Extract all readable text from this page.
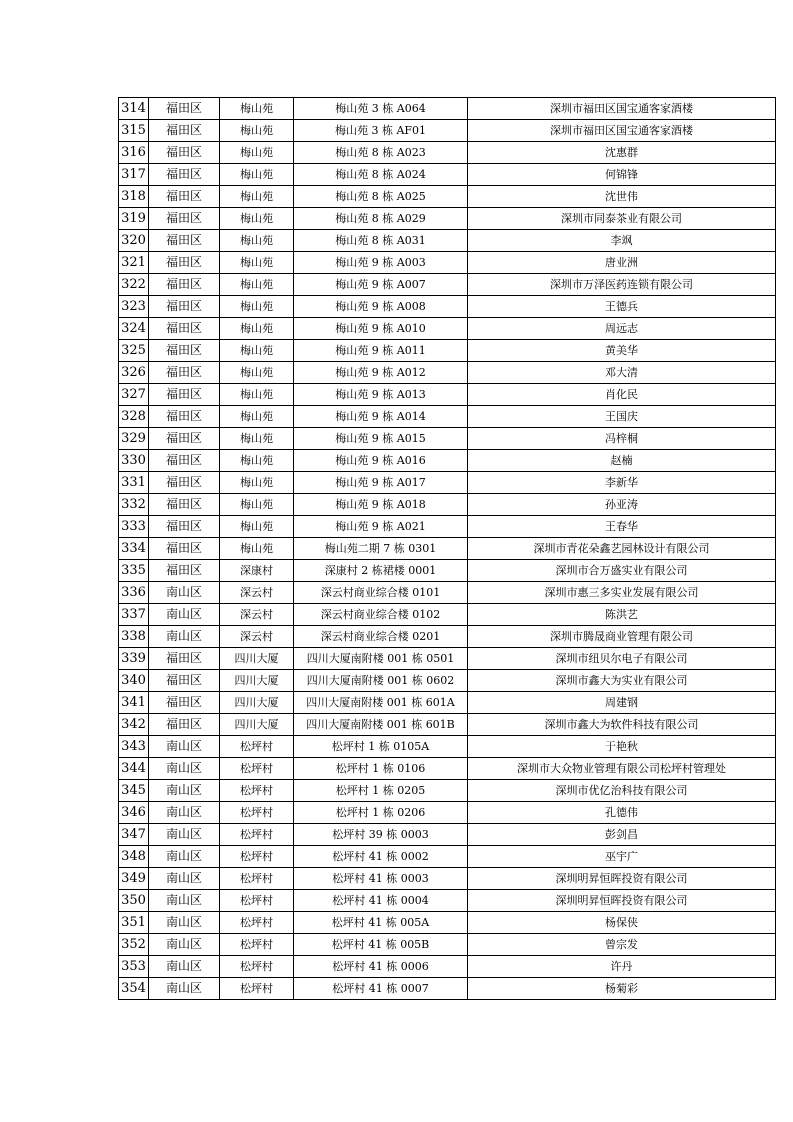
314	福田区	梅山苑	梅山苑 3 栋 A064	深圳市福田区国宝通客家酒楼
315	福田区	梅山苑	梅山苑 3 栋 AF01	深圳市福田区国宝通客家酒楼
316	福田区	梅山苑	梅山苑 8 栋 A023	沈惠群
317	福田区	梅山苑	梅山苑 8 栋 A024	何锦锋
318	福田区	梅山苑	梅山苑 8 栋 A025	沈世伟
319	福田区	梅山苑	梅山苑 8 栋 A029	深圳市同泰茶业有限公司
320	福田区	梅山苑	梅山苑 8 栋 A031	李飒
321	福田区	梅山苑	梅山苑 9 栋 A003	唐业洲
322	福田区	梅山苑	梅山苑 9 栋 A007	深圳市万泽医药连锁有限公司
323	福田区	梅山苑	梅山苑 9 栋 A008	王德兵
324	福田区	梅山苑	梅山苑 9 栋 A010	周远志
325	福田区	梅山苑	梅山苑 9 栋 A011	黄美华
326	福田区	梅山苑	梅山苑 9 栋 A012	邓大清
327	福田区	梅山苑	梅山苑 9 栋 A013	肖化民
328	福田区	梅山苑	梅山苑 9 栋 A014	王国庆
329	福田区	梅山苑	梅山苑 9 栋 A015	冯梓桐
330	福田区	梅山苑	梅山苑 9 栋 A016	赵楠
331	福田区	梅山苑	梅山苑 9 栋 A017	李新华
332	福田区	梅山苑	梅山苑 9 栋 A018	孙亚涛
333	福田区	梅山苑	梅山苑 9 栋 A021	王春华
334	福田区	梅山苑	梅山苑二期 7 栋 0301	深圳市青花朵鑫艺园林设计有限公司
335	福田区	深康村	深康村 2 栋裙楼 0001	深圳市合万盛实业有限公司
336	南山区	深云村	深云村商业综合楼 0101	深圳市惠三多实业发展有限公司
337	南山区	深云村	深云村商业综合楼 0102	陈洪艺
338	南山区	深云村	深云村商业综合楼 0201	深圳市腾晟商业管理有限公司
339	福田区	四川大厦	四川大厦南附楼 001 栋 0501	深圳市纽贝尔电子有限公司
340	福田区	四川大厦	四川大厦南附楼 001 栋 0602	深圳市鑫大为实业有限公司
341	福田区	四川大厦	四川大厦南附楼 001 栋 601A	周建钢
342	福田区	四川大厦	四川大厦南附楼 001 栋 601B	深圳市鑫大为软件科技有限公司
343	南山区	松坪村	松坪村 1 栋 0105A	于艳秋
344	南山区	松坪村	松坪村 1 栋 0106	深圳市大众物业管理有限公司松坪村管理处
345	南山区	松坪村	松坪村 1 栋 0205	深圳市优亿治科技有限公司
346	南山区	松坪村	松坪村 1 栋 0206	孔德伟
347	南山区	松坪村	松坪村 39 栋 0003	彭剑昌
348	南山区	松坪村	松坪村 41 栋 0002	巫宇广
349	南山区	松坪村	松坪村 41 栋 0003	深圳明昇恒晖投资有限公司
350	南山区	松坪村	松坪村 41 栋 0004	深圳明昇恒晖投资有限公司
351	南山区	松坪村	松坪村 41 栋 005A	杨保侠
352	南山区	松坪村	松坪村 41 栋 005B	曾宗发
353	南山区	松坪村	松坪村 41 栋 0006	许丹
354	南山区	松坪村	松坪村 41 栋 0007	杨菊彩
